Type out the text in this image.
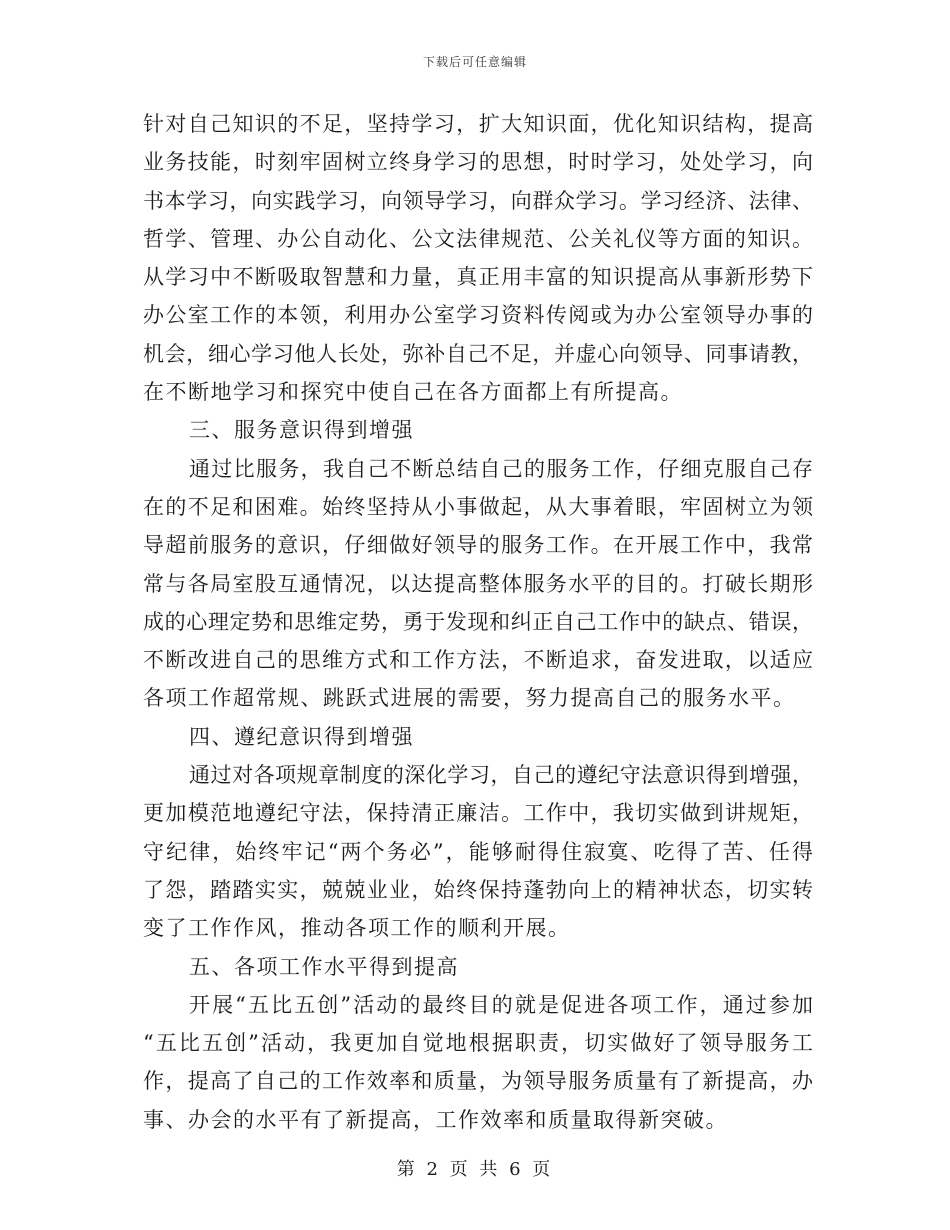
下载后可任意编辑
针对自己知识的不足，坚持学习，扩大知识面，优化知识结构，提高
业务技能，时刻牢固树立终身学习的思想，时时学习，处处学习，向
书本学习，向实践学习，向领导学习，向群众学习。学习经济、法律、
哲学、管理、办公自动化、公文法律规范、公关礼仪等方面的知识。
从学习中不断吸取智慧和力量，真正用丰富的知识提高从事新形势下
办公室工作的本领，利用办公室学习资料传阅或为办公室领导办事的
机会，细心学习他人长处，弥补自己不足，并虚心向领导、同事请教，
在不断地学习和探究中使自己在各方面都上有所提高。
三、服务意识得到增强
通过比服务，我自己不断总结自己的服务工作，仔细克服自己存
在的不足和困难。始终坚持从小事做起，从大事着眼，牢固树立为领
导超前服务的意识，仔细做好领导的服务工作。在开展工作中，我常
常与各局室股互通情况，以达提高整体服务水平的目的。打破长期形
成的心理定势和思维定势，勇于发现和纠正自己工作中的缺点、错误，
不断改进自己的思维方式和工作方法，不断追求，奋发进取，以适应
各项工作超常规、跳跃式进展的需要，努力提高自己的服务水平。
四、遵纪意识得到增强
通过对各项规章制度的深化学习，自己的遵纪守法意识得到增强，
更加模范地遵纪守法，保持清正廉洁。工作中，我切实做到讲规矩，
守纪律，始终牢记“两个务必”，能够耐得住寂寞、吃得了苦、任得
了怨，踏踏实实，兢兢业业，始终保持蓬勃向上的精神状态，切实转
变了工作作风，推动各项工作的顺利开展。
五、各项工作水平得到提高
开展“五比五创”活动的最终目的就是促进各项工作，通过参加
“五比五创”活动，我更加自觉地根据职责，切实做好了领导服务工
作，提高了自己的工作效率和质量，为领导服务质量有了新提高，办
事、办会的水平有了新提高，工作效率和质量取得新突破。
第 2 页 共 6 页
